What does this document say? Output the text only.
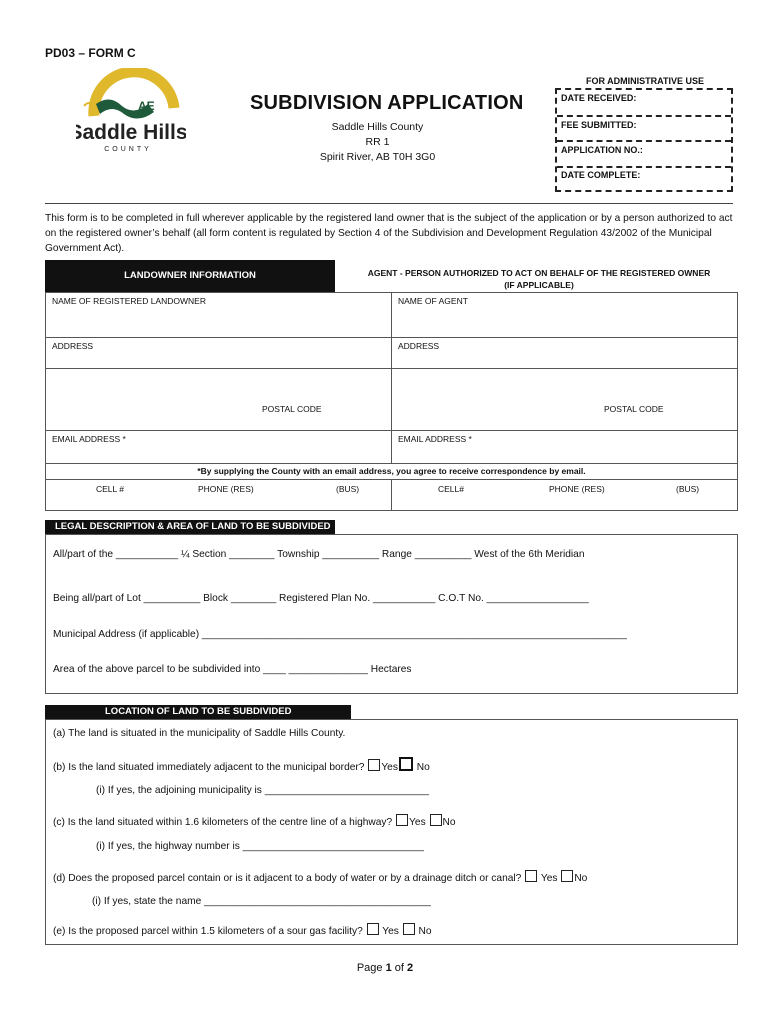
PD03 – FORM C
AE
Saddle Hills
COUNTY
SUBDIVISION APPLICATION
Saddle Hills County
RR 1
Spirit River, AB T0H 3G0
FOR ADMINISTRATIVE USE
DATE RECEIVED:
FEE SUBMITTED:
APPLICATION NO.:
DATE COMPLETE:
This form is to be completed in full wherever applicable by the registered land owner that is the subject of the application or by a person authorized to act on the registered owner’s behalf (all form content is regulated by Section 4 of the Subdivision and Development Regulation 43/2002 of the Municipal Government Act).
LANDOWNER INFORMATION	AGENT - PERSON AUTHORIZED TO ACT ON BEHALF OF THE REGISTERED OWNER
(IF APPLICABLE)
NAME OF REGISTERED LANDOWNER	NAME OF AGENT
ADDRESS	ADDRESS
POSTAL CODE	POSTAL CODE
EMAIL ADDRESS *	EMAIL ADDRESS *
*By supplying the County with an email address, you agree to receive correspondence by email.
CELL #	PHONE (RES)	(BUS)	CELL#	PHONE (RES)	(BUS)
LEGAL DESCRIPTION & AREA OF LAND TO BE SUBDIVIDED
All/part of the ___________ ¼ Section ________ Township __________ Range __________ West of the 6th Meridian
Being all/part of Lot __________ Block ________ Registered Plan No. ___________ C.O.T No. __________________
Municipal Address (if applicable) ___________________________________________________________________________
Area of the above parcel to be subdivided into ____ ______________ Hectares
LOCATION OF LAND TO BE SUBDIVIDED
(a) The land is situated in the municipality of Saddle Hills County.
(b) Is the land situated immediately adjacent to the municipal border? Yes No
(i) If yes, the adjoining municipality is _____________________________
(c) Is the land situated within 1.6 kilometers of the centre line of a highway? Yes No
(i) If yes, the highway number is ________________________________
(d) Does the proposed parcel contain or is it adjacent to a body of water or by a drainage ditch or canal? Yes No
(i) If yes, state the name ________________________________________
(e) Is the proposed parcel within 1.5 kilometers of a sour gas facility? Yes No
Page 1 of 2
